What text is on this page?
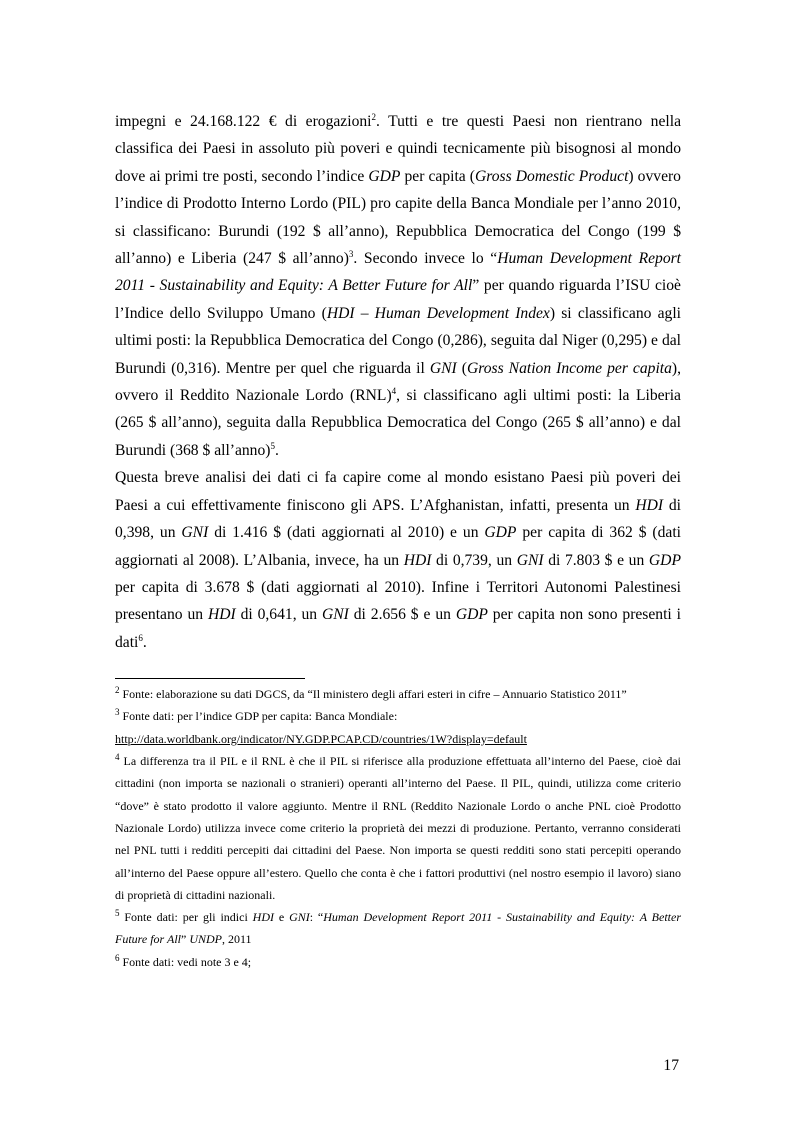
impegni e 24.168.122 € di erogazioni$^2$. Tutti e tre questi Paesi non rientrano nella classifica dei Paesi in assoluto più poveri e quindi tecnicamente più bisognosi al mondo dove ai primi tre posti, secondo l’indice GDP per capita (Gross Domestic Product) ovvero l’indice di Prodotto Interno Lordo (PIL) pro capite della Banca Mondiale per l’anno 2010, si classificano: Burundi (192 $ all’anno), Repubblica Democratica del Congo (199 $ all’anno) e Liberia (247 $ all’anno)$^3$. Secondo invece lo “Human Development Report 2011 - Sustainability and Equity: A Better Future for All” per quando riguarda l’ISU cioè l’Indice dello Sviluppo Umano (HDI – Human Development Index) si classificano agli ultimi posti: la Repubblica Democratica del Congo (0,286), seguita dal Niger (0,295) e dal Burundi (0,316). Mentre per quel che riguarda il GNI (Gross Nation Income per capita), ovvero il Reddito Nazionale Lordo (RNL)$^4$, si classificano agli ultimi posti: la Liberia (265 $ all’anno), seguita dalla Repubblica Democratica del Congo (265 $ all’anno) e dal Burundi (368 $ all’anno)$^5$.

Questa breve analisi dei dati ci fa capire come al mondo esistano Paesi più poveri dei Paesi a cui effettivamente finiscono gli APS. L’Afghanistan, infatti, presenta un HDI di 0,398, un GNI di 1.416 $ (dati aggiornati al 2010) e un GDP per capita di 362 $ (dati aggiornati al 2008). L’Albania, invece, ha un HDI di 0,739, un GNI di 7.803 $ e un GDP per capita di 3.678 $ (dati aggiornati al 2010). Infine i Territori Autonomi Palestinesi presentano un HDI di 0,641, un GNI di 2.656 $ e un GDP per capita non sono presenti i dati$^6$.

$^2$ Fonte: elaborazione su dati DGCS, da “Il ministero degli affari esteri in cifre – Annuario Statistico 2011”

$^3$ Fonte dati: per l’indice GDP per capita: Banca Mondiale:
http://data.worldbank.org/indicator/NY.GDP.PCAP.CD/countries/1W?display=default

$^4$ La differenza tra il PIL e il RNL è che il PIL si riferisce alla produzione effettuata all’interno del Paese, cioè dai cittadini (non importa se nazionali o stranieri) operanti all’interno del Paese. Il PIL, quindi, utilizza come criterio “dove” è stato prodotto il valore aggiunto. Mentre il RNL (Reddito Nazionale Lordo o anche PNL cioè Prodotto Nazionale Lordo) utilizza invece come criterio la proprietà dei mezzi di produzione. Pertanto, verranno considerati nel PNL tutti i redditi percepiti dai cittadini del Paese. Non importa se questi redditi sono stati percepiti operando all’interno del Paese oppure all’estero. Quello che conta è che i fattori produttivi (nel nostro esempio il lavoro) siano di proprietà di cittadini nazionali.

$^5$ Fonte dati: per gli indici HDI e GNI: “Human Development Report 2011 - Sustainability and Equity: A Better Future for All” UNDP, 2011

$^6$ Fonte dati: vedi note 3 e 4;

17
